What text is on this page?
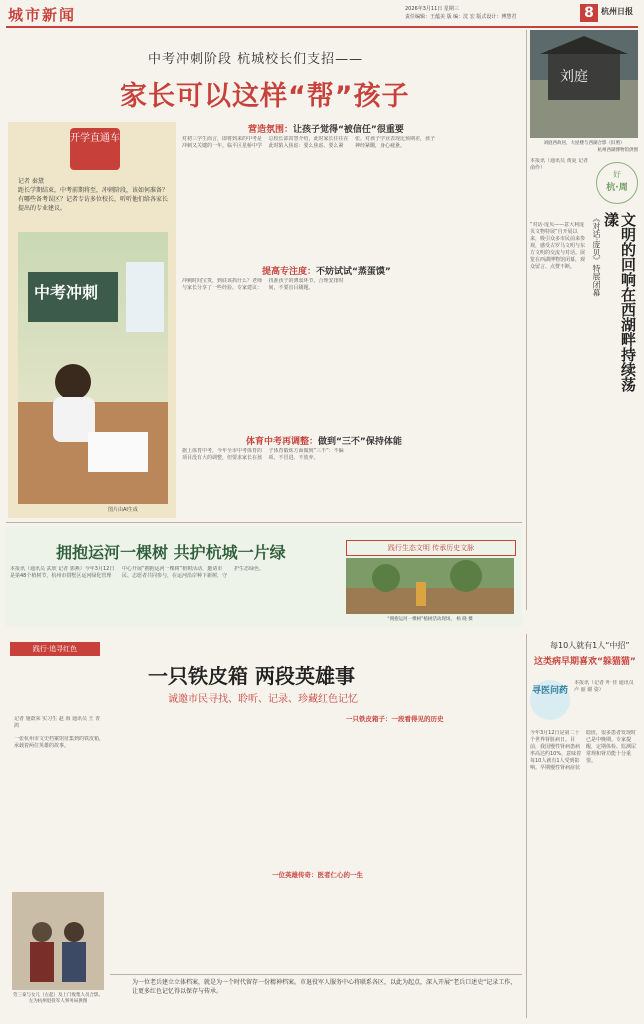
城市新闻	2026年3月11日 星期三
责任编辑：王蕴美 版 编：沈 宏 版式设计：傅慧君	8 杭州日报
中考冲刺阶段 杭城校长们支招——
家长可以这样“帮”孩子
开学直通车
记者 秦黛
距长学期结束，中考前期将至，冲刺阶段，该如何准备？有哪些备考误区？记者专访多位校长，听听他们给各家长提出的专业建议。
中考冲刺
图片由AI生成
营造氛围：让孩子觉得“被信任”很重要
对初三学生而言，即将到来的中考是冲刺又关键的一年。临平区星桥中学总校长邵霄慧介绍，此时家长往往在此时陷入焦虑：要么焦虑、要么紧张。对孩子学业表现比预期差，孩子神经紧绷，身心疲惫。
提高专注度：不妨试试“蒸蛋馍”
冲刺时间宝贵，到底该抓什么？老师与家长分享了一些经验。专家建议：找准孩子的薄弱环节，合理安排时间，不要盲目刷题。
体育中考再调整：做到“三不”保持体能
据上体育中考，今年全市中考体育的项目没有大的调整，但要求家长在孩子体育锻炼方面做到“三不”：不偏项、不冒进、不放弃。
刘庭
刘庭西故居，大屋楼与西湖合影（旧照）
杭州西湖博物馆供图
本报讯（通讯员 黄夏 记者 俞伶）
好
杭·周
文明的回响在西湖畔持续荡漾
《对话·庞贝》特展闭幕
“对话·庞贝——意大利庞贝文物特展”自开展以来，吸引众多市民前来参观，感受古罗马文明与东方文明的交流与对话。展览在西湖博物馆闭幕，观众留言、点赞不断。
拥抱运河一棵树 共护杭城一片绿	践行生态文明 传承历史文脉
本报讯（通讯员 武欣 记者 郭燕）今年3月12日是第48个植树节，杭州市拱墅区运河绿化管理中心开展“拥抱运河一棵树”植树活动，邀请市民、志愿者共同参与，在运河沿岸种下新树，守护生态绿色。
“拥抱运河一棵树”植树活动现场。 杨 晓 摄
每10人就有1人“中招”
这类病早期喜欢“躲猫猫”
寻医问药
本报讯（记者 叶 佳 通讯员 卢 丽 谢 姿）
今年3月12日是第二十个世界肾脏病日。目前，我国慢性肾病患病率高达约10%，意味着每10人就有1人受到影响。早期慢性肾病症状隐匿，很多患者发现时已是中晚期。专家提醒，定期体检、监测尿常规和肾功能十分重要。
践行·追寻红色
一只铁皮箱 两段英雄事
诚邀市民寻找、聆听、记录、珍藏红色记忆
记者 施歆荣 实习生 赵 海 通讯员 王 青 鸿
一张杭州市文史档案馆征集到的铁皮箱，承载着两位英雄的故事。
劳三泰与女儿（左起）及上门收集人员合影。左为杭州退役军人事务局供图
一只铁皮箱子：一段看得见的历史
一位英雄传奇：医者仁心的一生
为一位老兵建立立体档案，就是为一个时代留存一份精神档案。市退役军人服务中心将联系各区，以此为起点，深入开展“老兵口述史”记录工作，让更多红色记忆得以保存与传承。
